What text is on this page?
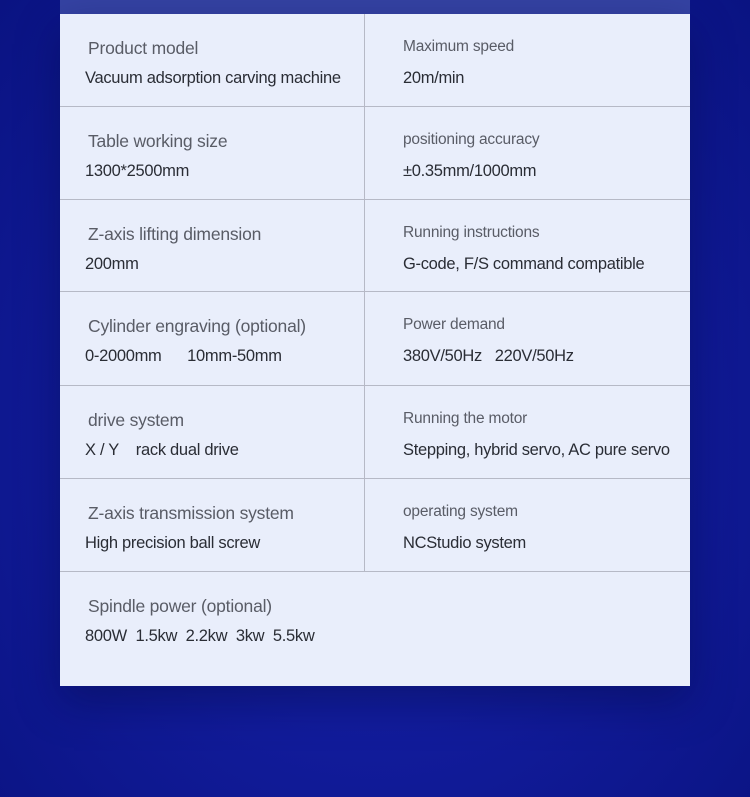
Product model
Vacuum adsorption carving machine
Maximum speed
20m/min
Table working size
1300*2500mm
positioning accuracy
±0.35mm/1000mm
Z-axis lifting dimension
200mm
Running instructions
G-code, F/S command compatible
Cylinder engraving (optional)
0-2000mm      10mm-50mm
Power demand
380V/50Hz   220V/50Hz
drive system
X / Y    rack dual drive
Running the motor
Stepping, hybrid servo, AC pure servo
Z-axis transmission system
High precision ball screw
operating system
NCStudio system
Spindle power (optional)
800W  1.5kw  2.2kw  3kw  5.5kw
